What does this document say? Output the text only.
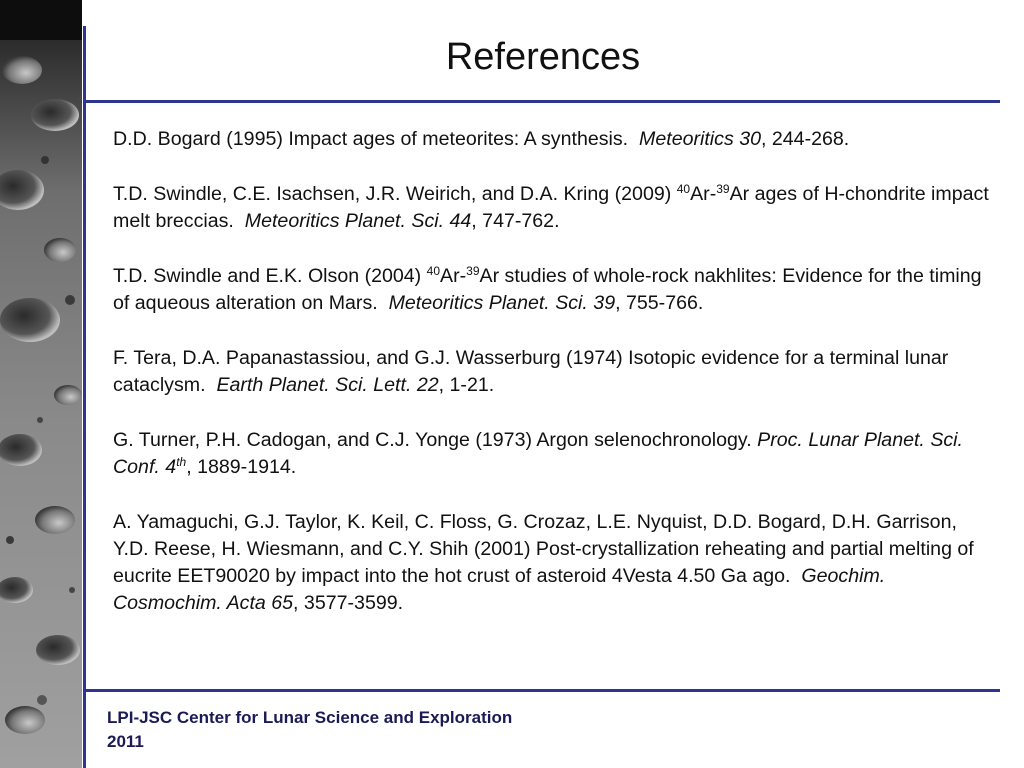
References

D.D. Bogard (1995) Impact ages of meteorites: A synthesis. Meteoritics 30, 244-268.

T.D. Swindle, C.E. Isachsen, J.R. Weirich, and D.A. Kring (2009) $^{40}$Ar-$^{39}$Ar ages of H-chondrite impact melt breccias. Meteoritics Planet. Sci. 44, 747-762.

T.D. Swindle and E.K. Olson (2004) $^{40}$Ar-$^{39}$Ar studies of whole-rock nakhlites: Evidence for the timing of aqueous alteration on Mars. Meteoritics Planet. Sci. 39, 755-766.

F. Tera, D.A. Papanastassiou, and G.J. Wasserburg (1974) Isotopic evidence for a terminal lunar cataclysm. Earth Planet. Sci. Lett. 22, 1-21.

G. Turner, P.H. Cadogan, and C.J. Yonge (1973) Argon selenochronology. Proc. Lunar Planet. Sci. Conf. 4th, 1889-1914.

A. Yamaguchi, G.J. Taylor, K. Keil, C. Floss, G. Crozaz, L.E. Nyquist, D.D. Bogard, D.H. Garrison, Y.D. Reese, H. Wiesmann, and C.Y. Shih (2001) Post-crystallization reheating and partial melting of eucrite EET90020 by impact into the hot crust of asteroid 4Vesta 4.50 Ga ago. Geochim. Cosmochim. Acta 65, 3577-3599.

LPI-JSC Center for Lunar Science and Exploration
2011
